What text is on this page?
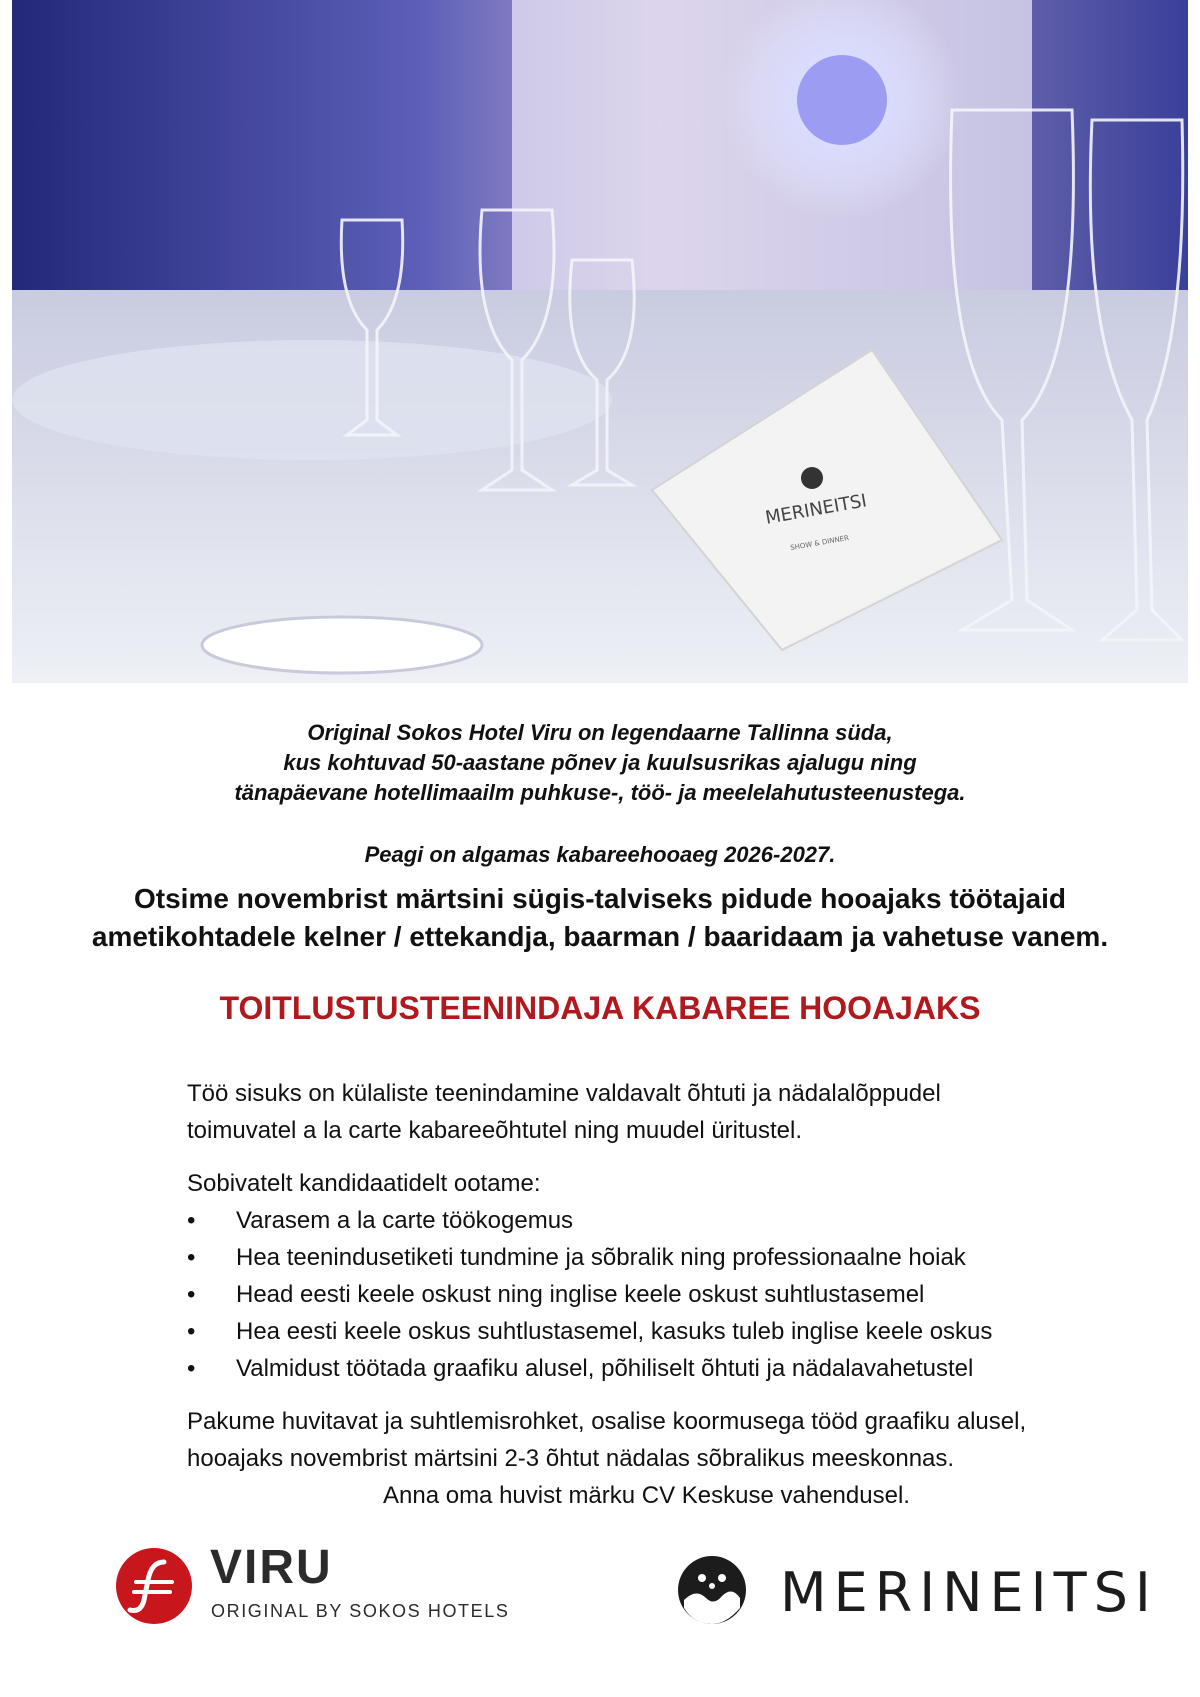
MERINEITSI
SHOW & DINNER
Original Sokos Hotel Viru on legendaarne Tallinna süda,
kus kohtuvad 50-aastane põnev ja kuulsusrikas ajalugu ning
tänapäevane hotellimaailm puhkuse-, töö- ja meelelahutusteenustega.
Peagi on algamas kabareehooaeg 2026-2027.
Otsime novembrist märtsini sügis-talviseks pidude hooajaks töötajaid
ametikohtadele kelner / ettekandja, baarman / baaridaam ja vahetuse vanem.
TOITLUSTUSTEENINDAJA KABAREE HOOAJAKS
Töö sisuks on külaliste teenindamine valdavalt õhtuti ja nädalalõppudel
toimuvatel a la carte kabareeõhtutel ning muudel üritustel.
Sobivatelt kandidaatidelt ootame:
• Varasem a la carte töökogemus
• Hea teenindusetiketi tundmine ja sõbralik ning professionaalne hoiak
• Head eesti keele oskust ning inglise keele oskust suhtlustasemel
• Hea eesti keele oskus suhtlustasemel, kasuks tuleb inglise keele oskus
• Valmidust töötada graafiku alusel, põhiliselt õhtuti ja nädalavahetustel
Pakume huvitavat ja suhtlemisrohket, osalise koormusega tööd graafiku alusel,
hooajaks novembrist märtsini 2-3 õhtut nädalas sõbralikus meeskonnas.
Anna oma huvist märku CV Keskuse vahenduse​l.
VIRU
ORIGINAL BY SOKOS HOTELS	MERINEITSI
